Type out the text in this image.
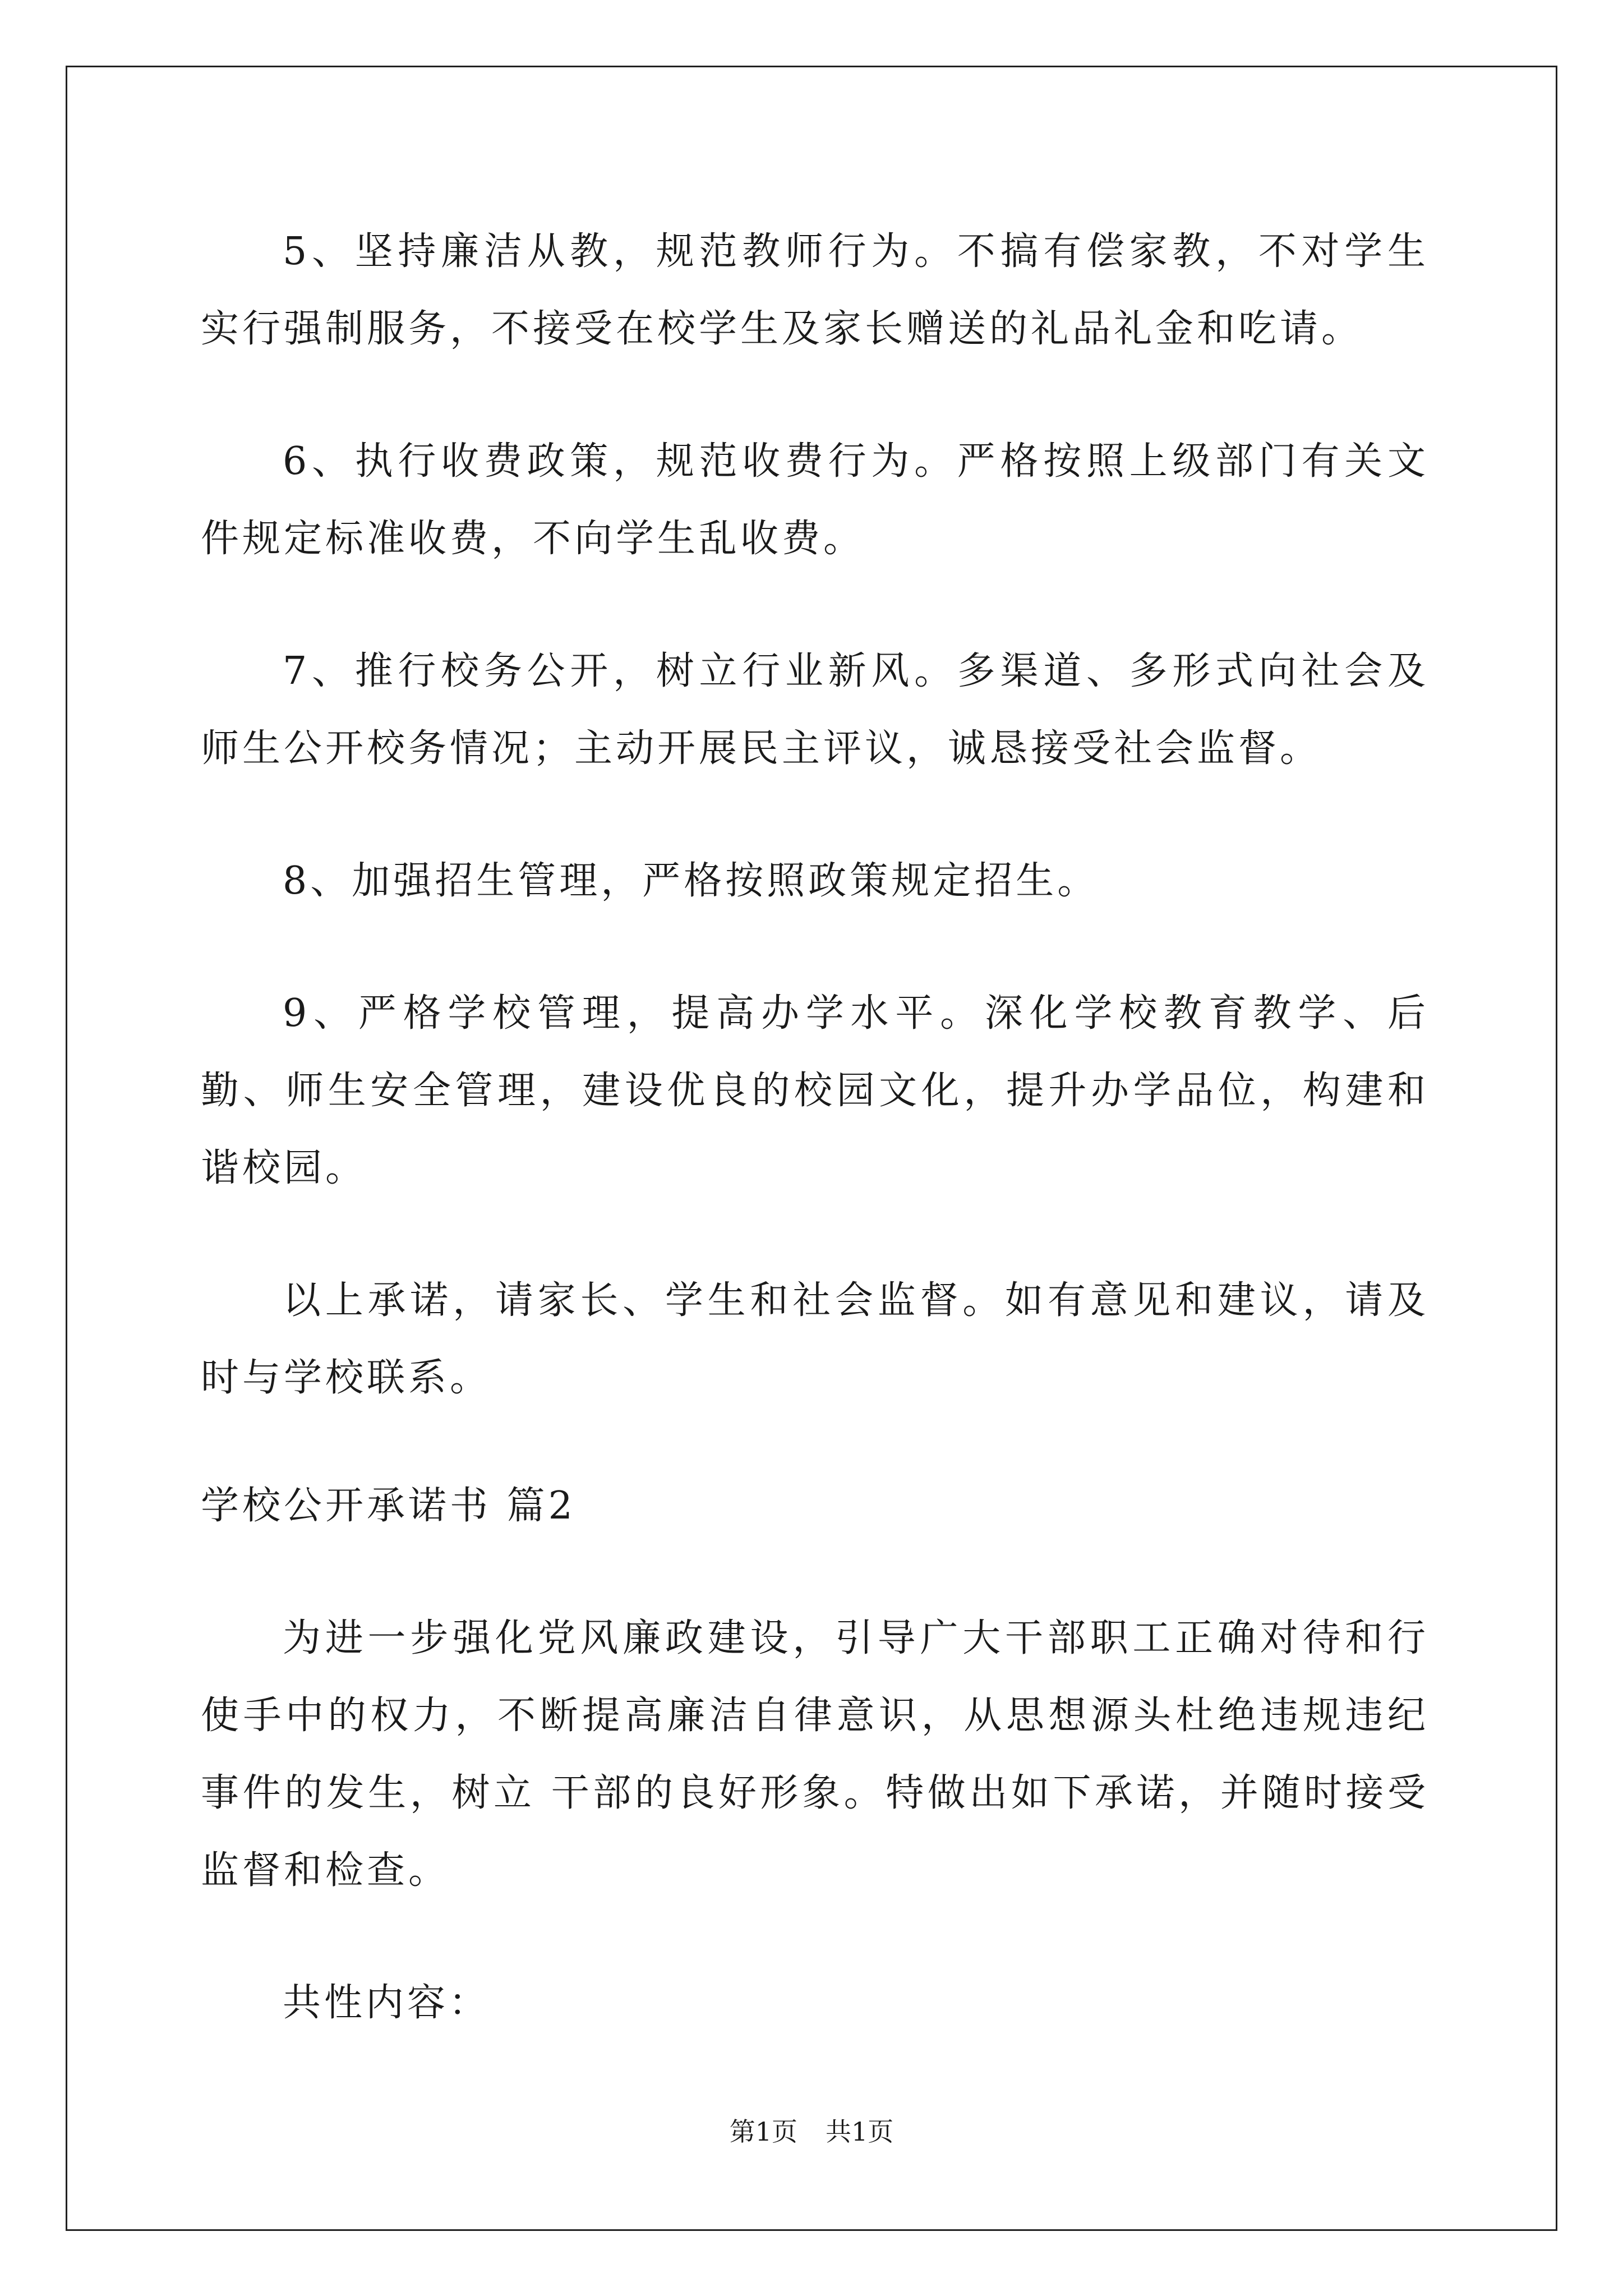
5、坚持廉洁从教，规范教师行为。不搞有偿家教，不对学生实行强制服务，不接受在校学生及家长赠送的礼品礼金和吃请。

6、执行收费政策，规范收费行为。严格按照上级部门有关文件规定标准收费，不向学生乱收费。

7、推行校务公开，树立行业新风。多渠道、多形式向社会及师生公开校务情况；主动开展民主评议，诚恳接受社会监督。

8、加强招生管理，严格按照政策规定招生。

9、严格学校管理，提高办学水平。深化学校教育教学、后勤、师生安全管理，建设优良的校园文化，提升办学品位，构建和谐校园。

以上承诺，请家长、学生和社会监督。如有意见和建议，请及时与学校联系。

学校公开承诺书 篇2

为进一步强化党风廉政建设，引导广大干部职工正确对待和行使手中的权力，不断提高廉洁自律意识，从思想源头杜绝违规违纪事件的发生，树立 干部的良好形象。特做出如下承诺，并随时接受监督和检查。

共性内容：

第1页 共1页
